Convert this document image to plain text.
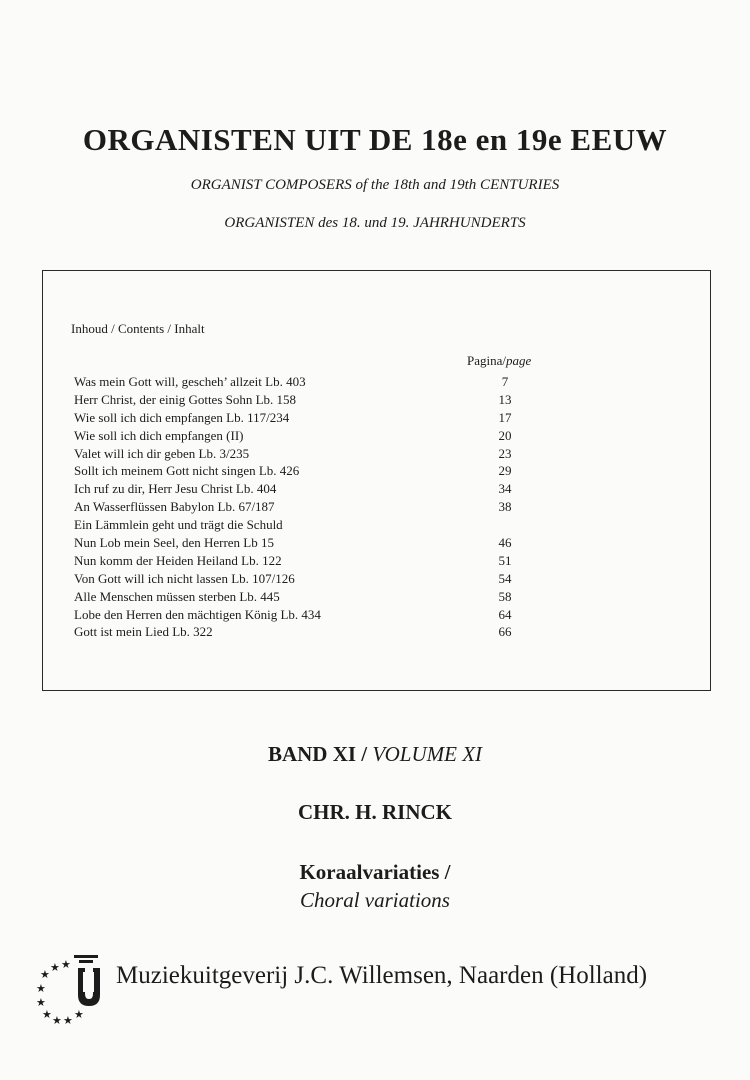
ORGANISTEN UIT DE 18e en 19e EEUW
ORGANIST COMPOSERS of the 18th and 19th CENTURIES
ORGANISTEN des 18. und 19. JAHRHUNDERTS
Inhoud / Contents / Inhalt
Pagina/page
Was mein Gott will, gescheh’ allzeit Lb. 403	7
Herr Christ, der einig Gottes Sohn Lb. 158	13
Wie soll ich dich empfangen Lb. 117/234	17
Wie soll ich dich empfangen (II)	20
Valet will ich dir geben Lb. 3/235	23
Sollt ich meinem Gott nicht singen Lb. 426	29
Ich ruf zu dir, Herr Jesu Christ Lb. 404	34
An Wasserflüssen Babylon Lb. 67/187	38
Ein Lämmlein geht und trägt die Schuld
Nun Lob mein Seel, den Herren Lb 15	46
Nun komm der Heiden Heiland Lb. 122	51
Von Gott will ich nicht lassen Lb. 107/126	54
Alle Menschen müssen sterben Lb. 445	58
Lobe den Herren den mächtigen König Lb. 434	64
Gott ist mein Lied Lb. 322	66
BAND XI / VOLUME XI
CHR. H. RINCK
Koraalvariaties /
Choral variations
★
★ ★
★
★
★ ★ ★ ★
Muziekuitgeverij J.C. Willemsen, Naarden (Holland)
